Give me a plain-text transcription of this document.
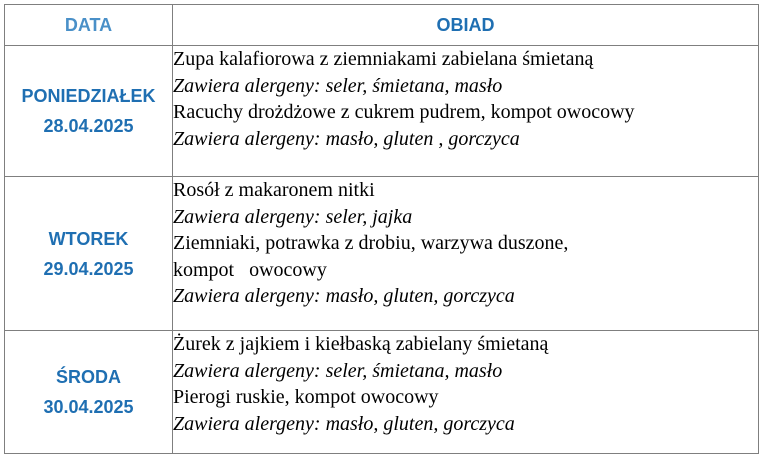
DATA	OBIAD

PONIEDZIAŁEK
28.04.2025	Zupa kalafiorowa z ziemniakami zabielana śmietaną
Zawiera alergeny: seler, śmietana, masło
Racuchy drożdżowe z cukrem pudrem, kompot owocowy
Zawiera alergeny: masło, gluten , gorczyca

WTOREK
29.04.2025	Rosół z makaronem nitki
Zawiera alergeny: seler, jajka
Ziemniaki, potrawka z drobiu, warzywa duszone,
kompot   owocowy
Zawiera alergeny: masło, gluten, gorczyca

ŚRODA
30.04.2025	Żurek z jajkiem i kiełbaską zabielany śmietaną
Zawiera alergeny: seler, śmietana, masło
Pierogi ruskie, kompot owocowy
Zawiera alergeny: masło, gluten, gorczyca
